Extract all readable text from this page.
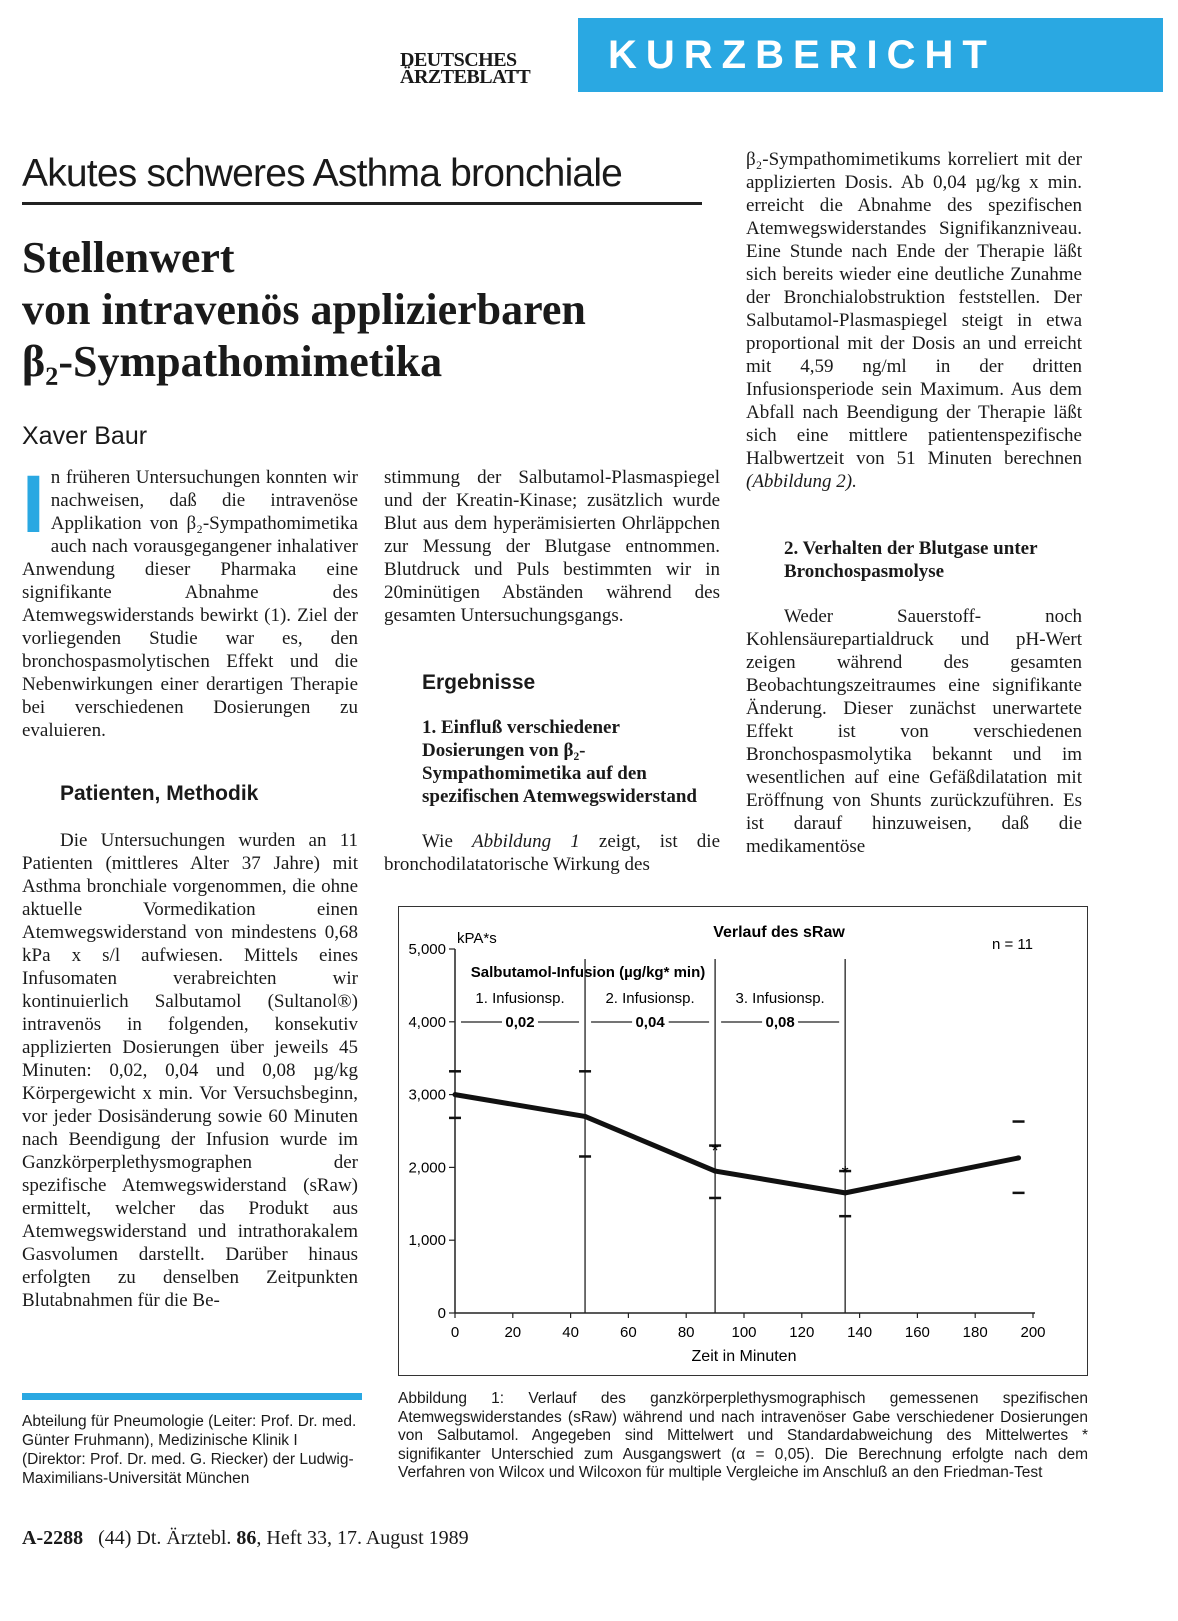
DEUTSCHES
ÄRZTEBLATT	KURZBERICHT
Akutes schweres Asthma bronchiale
Stellenwert
von intravenös applizierbaren
β₂-Sympathomimetika
Xaver Baur

In früheren Untersuchungen konnten wir nachweisen, daß die intravenöse Applikation von β₂-Sympathomimetika auch nach vorausgegangener inhalativer Anwendung dieser Pharmaka eine signifikante Abnahme des Atemwegswiderstands bewirkt (1). Ziel der vorliegenden Studie war es, den bronchospasmolytischen Effekt und die Nebenwirkungen einer derartigen Therapie bei verschiedenen Dosierungen zu evaluieren.

Patienten, Methodik

Die Untersuchungen wurden an 11 Patienten (mittleres Alter 37 Jahre) mit Asthma bronchiale vorgenommen, die ohne aktuelle Vormedikation einen Atemwegswiderstand von mindestens 0,68 kPa x s/l aufwiesen. Mittels eines Infusomaten verabreichten wir kontinuierlich Salbutamol (Sultanol®) intravenös in folgenden, konsekutiv applizierten Dosierungen über jeweils 45 Minuten: 0,02, 0,04 und 0,08 µg/kg Körpergewicht x min. Vor Versuchsbeginn, vor jeder Dosisänderung sowie 60 Minuten nach Beendigung der Infusion wurde im Ganzkörperplethysmographen der spezifische Atemwegswiderstand (sRaw) ermittelt, welcher das Produkt aus Atemwegswiderstand und intrathorakalem Gasvolumen darstellt. Darüber hinaus erfolgten zu denselben Zeitpunkten Blutabnahmen für die Be-

stimmung der Salbutamol-Plasmaspiegel und der Kreatin-Kinase; zusätzlich wurde Blut aus dem hyperämisierten Ohrläppchen zur Messung der Blutgase entnommen. Blutdruck und Puls bestimmten wir in 20minütigen Abständen während des gesamten Untersuchungsgangs.

Ergebnisse
1. Einfluß verschiedener Dosierungen von β₂-Sympathomimetika auf den spezifischen Atemwegswiderstand

Wie Abbildung 1 zeigt, ist die bronchodilatatorische Wirkung des

β₂-Sympathomimetikums korreliert mit der applizierten Dosis. Ab 0,04 µg/kg x min. erreicht die Abnahme des spezifischen Atemwegswiderstandes Signifikanzniveau. Eine Stunde nach Ende der Therapie läßt sich bereits wieder eine deutliche Zunahme der Bronchialobstruktion feststellen. Der Salbutamol-Plasmaspiegel steigt in etwa proportional mit der Dosis an und erreicht mit 4,59 ng/ml in der dritten Infusionsperiode sein Maximum. Aus dem Abfall nach Beendigung der Therapie läßt sich eine mittlere patientenspezifische Halbwertzeit von 51 Minuten berechnen (Abbildung 2).

2. Verhalten der Blutgase unter Bronchospasmolyse

Weder Sauerstoff- noch Kohlensäurepartialdruck und pH-Wert zeigen während des gesamten Beobachtungszeitraumes eine signifikante Änderung. Dieser zunächst unerwartete Effekt ist von verschiedenen Bronchospasmolytika bekannt und im wesentlichen auf eine Gefäßdilatation mit Eröffnung von Shunts zurückzuführen. Es ist darauf hinzuweisen, daß die medikamentöse

0
1,000
2,000
3,000
4,000
5,000
0	20	40	60	80 100 120 140 160 180 200
Zeit in Minuten
kPA*s	Verlauf des sRaw
n = 11
Salbutamol-Infusion (µg/kg* min)
1. Infusionsp.
0,02
2. Infusionsp.
0,04
3. Infusionsp.
0,08
*
*
Abbildung 1: Verlauf des ganzkörperplethysmographisch gemessenen spezifischen Atemwegswiderstandes (sRaw) während und nach intravenöser Gabe verschiedener Dosierungen von Salbutamol. Angegeben sind Mittelwert und Standardabweichung des Mittelwertes * signifikanter Unterschied zum Ausgangswert (α = 0,05). Die Berechnung erfolgte nach dem Verfahren von Wilcox und Wilcoxon für multiple Vergleiche im Anschluß an den Friedman-Test
Abteilung für Pneumologie (Leiter: Prof. Dr. med. Günter Fruhmann), Medizinische Klinik I (Direktor: Prof. Dr. med. G. Riecker) der Ludwig-Maximilians-Universität München
A-2288 (44) Dt. Ärztebl. 86, Heft 33, 17. August 1989
